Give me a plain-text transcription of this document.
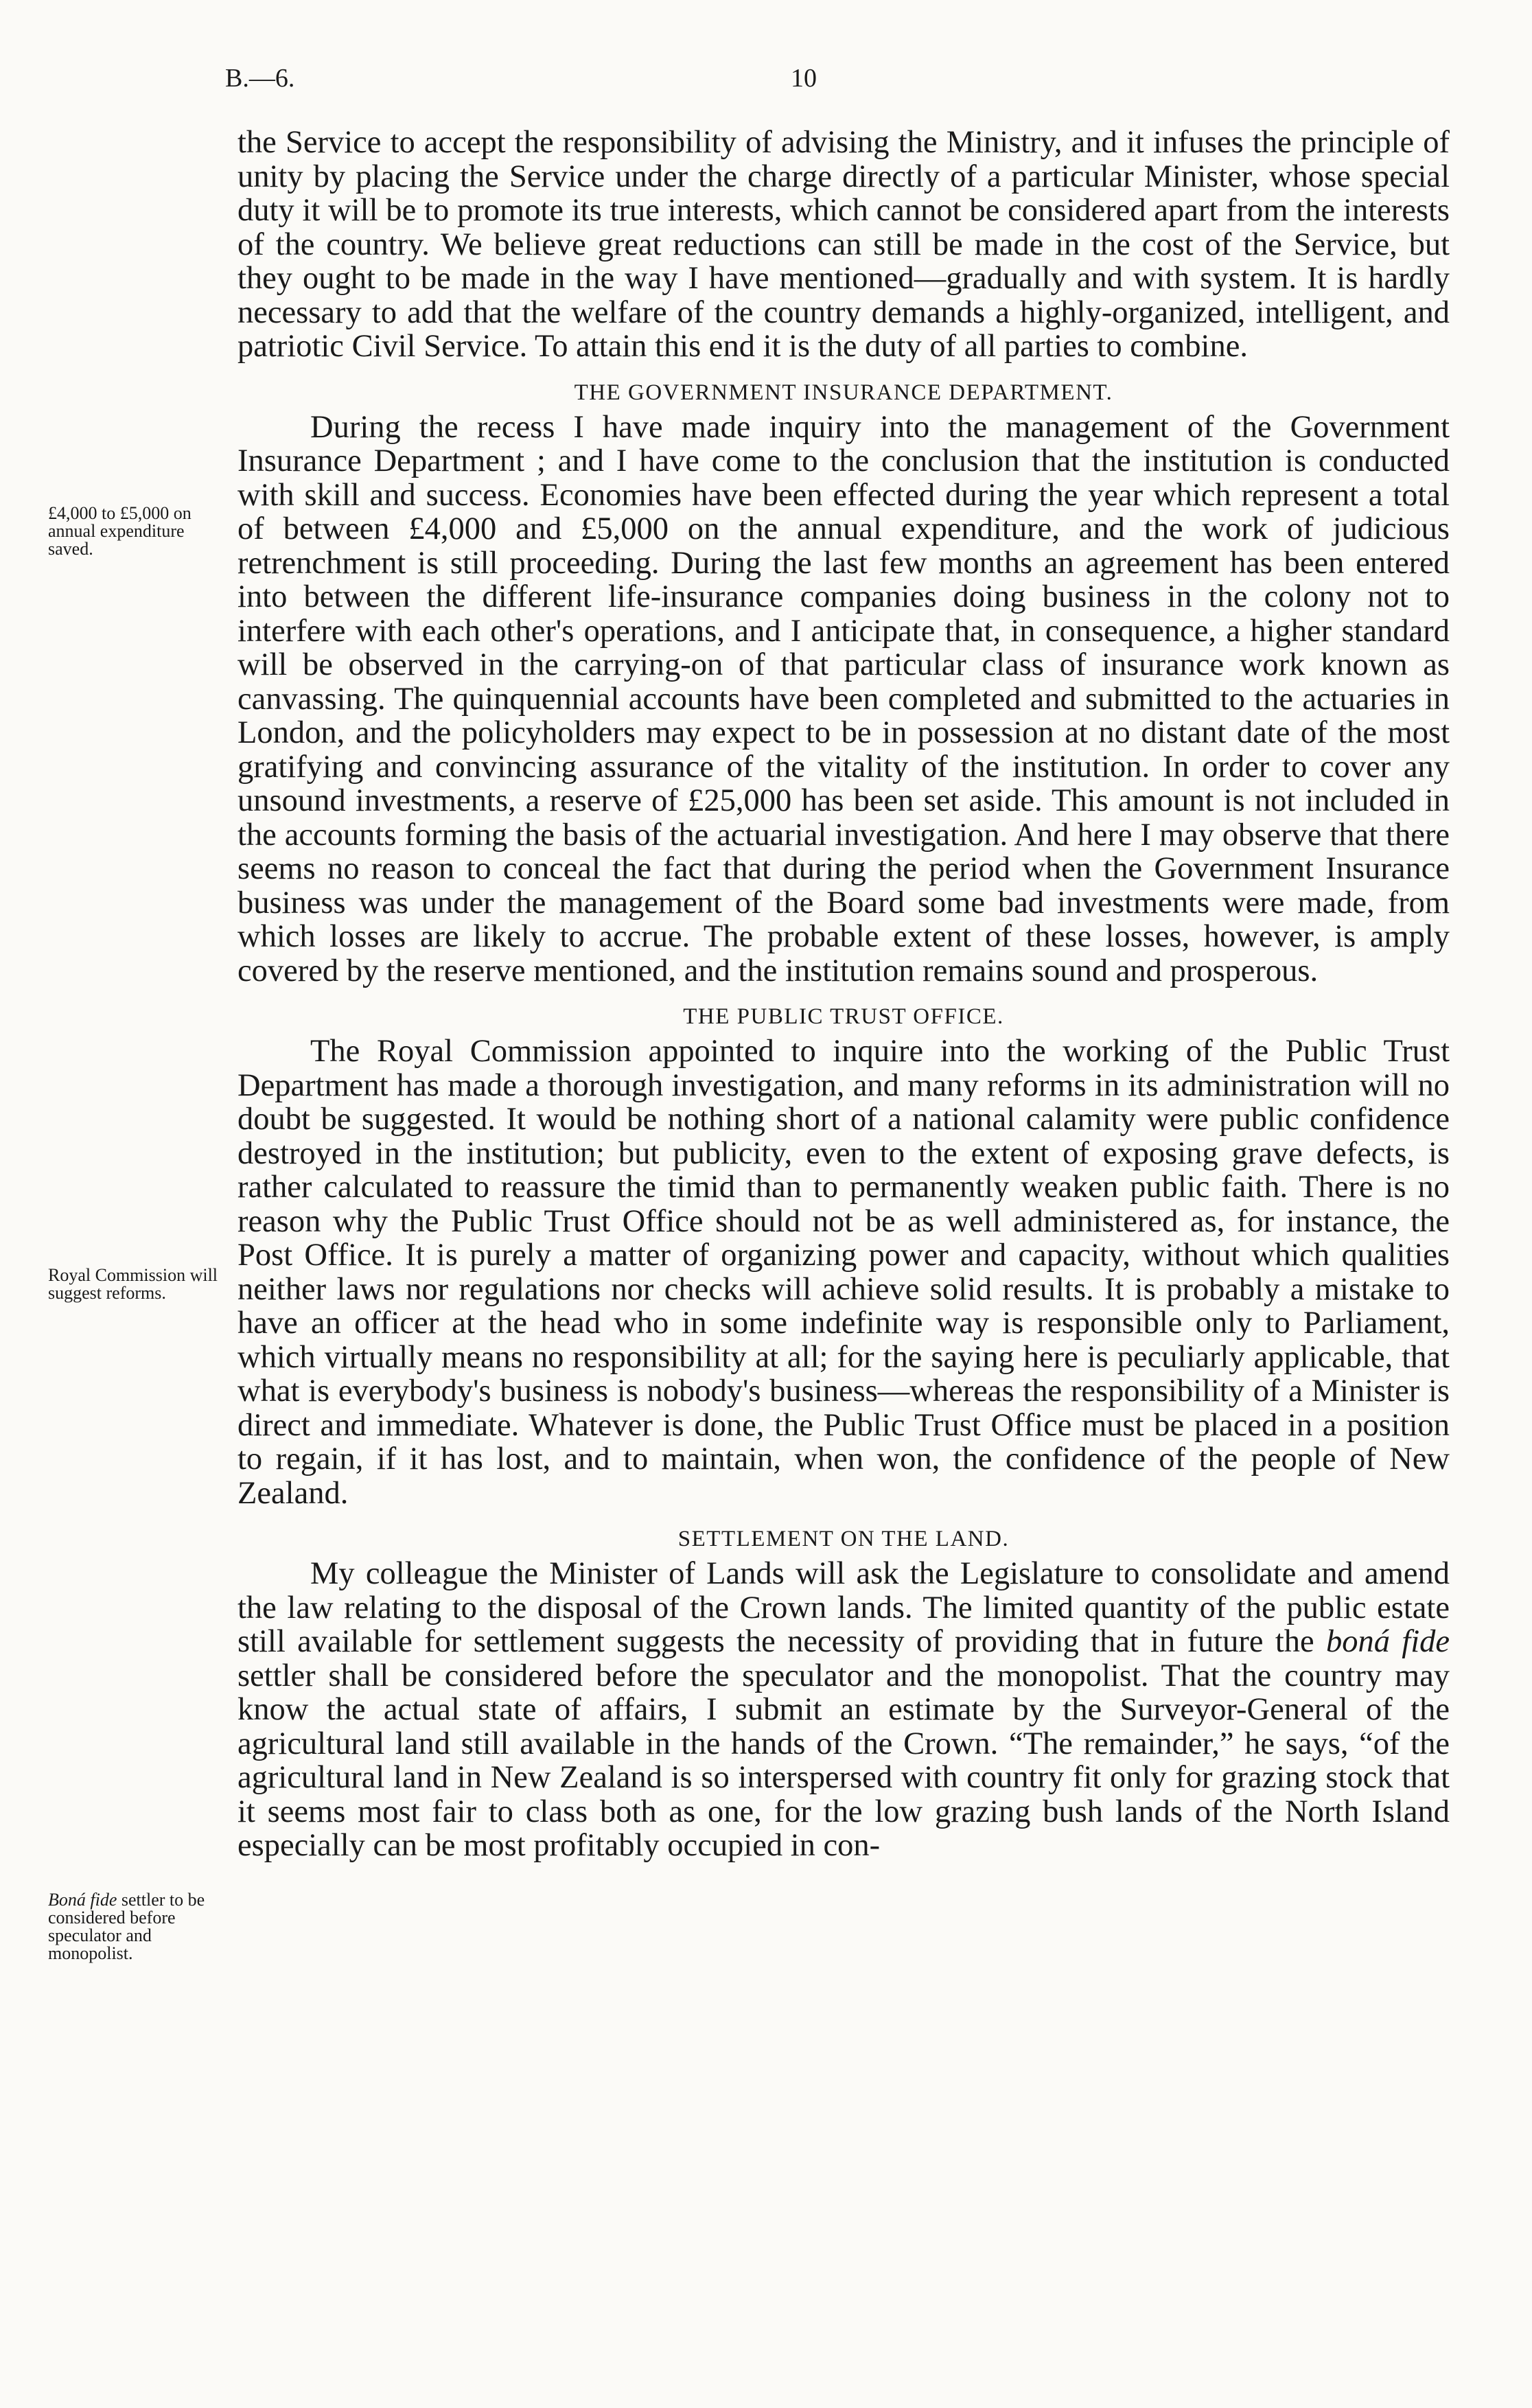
B.—6.	10
£4,000 to £5,000 on annual expenditure saved.
Royal Commission will suggest reforms.
Boná fide settler to be considered before speculator and monopolist.

the Service to accept the responsibility of advising the Ministry, and it infuses the principle of unity by placing the Service under the charge directly of a particular Minister, whose special duty it will be to promote its true interests, which cannot be considered apart from the interests of the country. We believe great reductions can still be made in the cost of the Service, but they ought to be made in the way I have mentioned—gradually and with system. It is hardly necessary to add that the welfare of the country demands a highly-organized, intelligent, and patriotic Civil Service. To attain this end it is the duty of all parties to combine.

THE GOVERNMENT INSURANCE DEPARTMENT.

During the recess I have made inquiry into the management of the Government Insurance Department ; and I have come to the conclusion that the institution is conducted with skill and success. Economies have been effected during the year which represent a total of between £4,000 and £5,000 on the annual expenditure, and the work of judicious retrenchment is still proceeding. During the last few months an agreement has been entered into between the different life-insurance companies doing business in the colony not to interfere with each other's operations, and I anticipate that, in consequence, a higher standard will be observed in the carrying-on of that particular class of insurance work known as canvassing. The quinquennial accounts have been completed and submitted to the actuaries in London, and the policyholders may expect to be in possession at no distant date of the most gratifying and convincing assurance of the vitality of the institution. In order to cover any unsound investments, a reserve of £25,000 has been set aside. This amount is not included in the accounts forming the basis of the actuarial investigation. And here I may observe that there seems no reason to conceal the fact that during the period when the Government Insurance business was under the management of the Board some bad investments were made, from which losses are likely to accrue. The probable extent of these losses, however, is amply covered by the reserve mentioned, and the institution remains sound and prosperous.

THE PUBLIC TRUST OFFICE.

The Royal Commission appointed to inquire into the working of the Public Trust Department has made a thorough investigation, and many reforms in its administration will no doubt be suggested. It would be nothing short of a national calamity were public confidence destroyed in the institution; but publicity, even to the extent of exposing grave defects, is rather calculated to reassure the timid than to permanently weaken public faith. There is no reason why the Public Trust Office should not be as well administered as, for instance, the Post Office. It is purely a matter of organizing power and capacity, without which qualities neither laws nor regulations nor checks will achieve solid results. It is probably a mistake to have an officer at the head who in some indefinite way is responsible only to Parliament, which virtually means no responsibility at all; for the saying here is peculiarly applicable, that what is everybody's business is nobody's business—whereas the responsibility of a Minister is direct and immediate. Whatever is done, the Public Trust Office must be placed in a position to regain, if it has lost, and to maintain, when won, the confidence of the people of New Zealand.

SETTLEMENT ON THE LAND.

My colleague the Minister of Lands will ask the Legislature to consolidate and amend the law relating to the disposal of the Crown lands. The limited quantity of the public estate still available for settlement suggests the necessity of providing that in future the boná fide settler shall be considered before the speculator and the monopolist. That the country may know the actual state of affairs, I submit an estimate by the Surveyor-General of the agricultural land still available in the hands of the Crown. “The remainder,” he says, “of the agricultural land in New Zealand is so interspersed with country fit only for grazing stock that it seems most fair to class both as one, for the low grazing bush lands of the North Island especially can be most profitably occupied in con-
